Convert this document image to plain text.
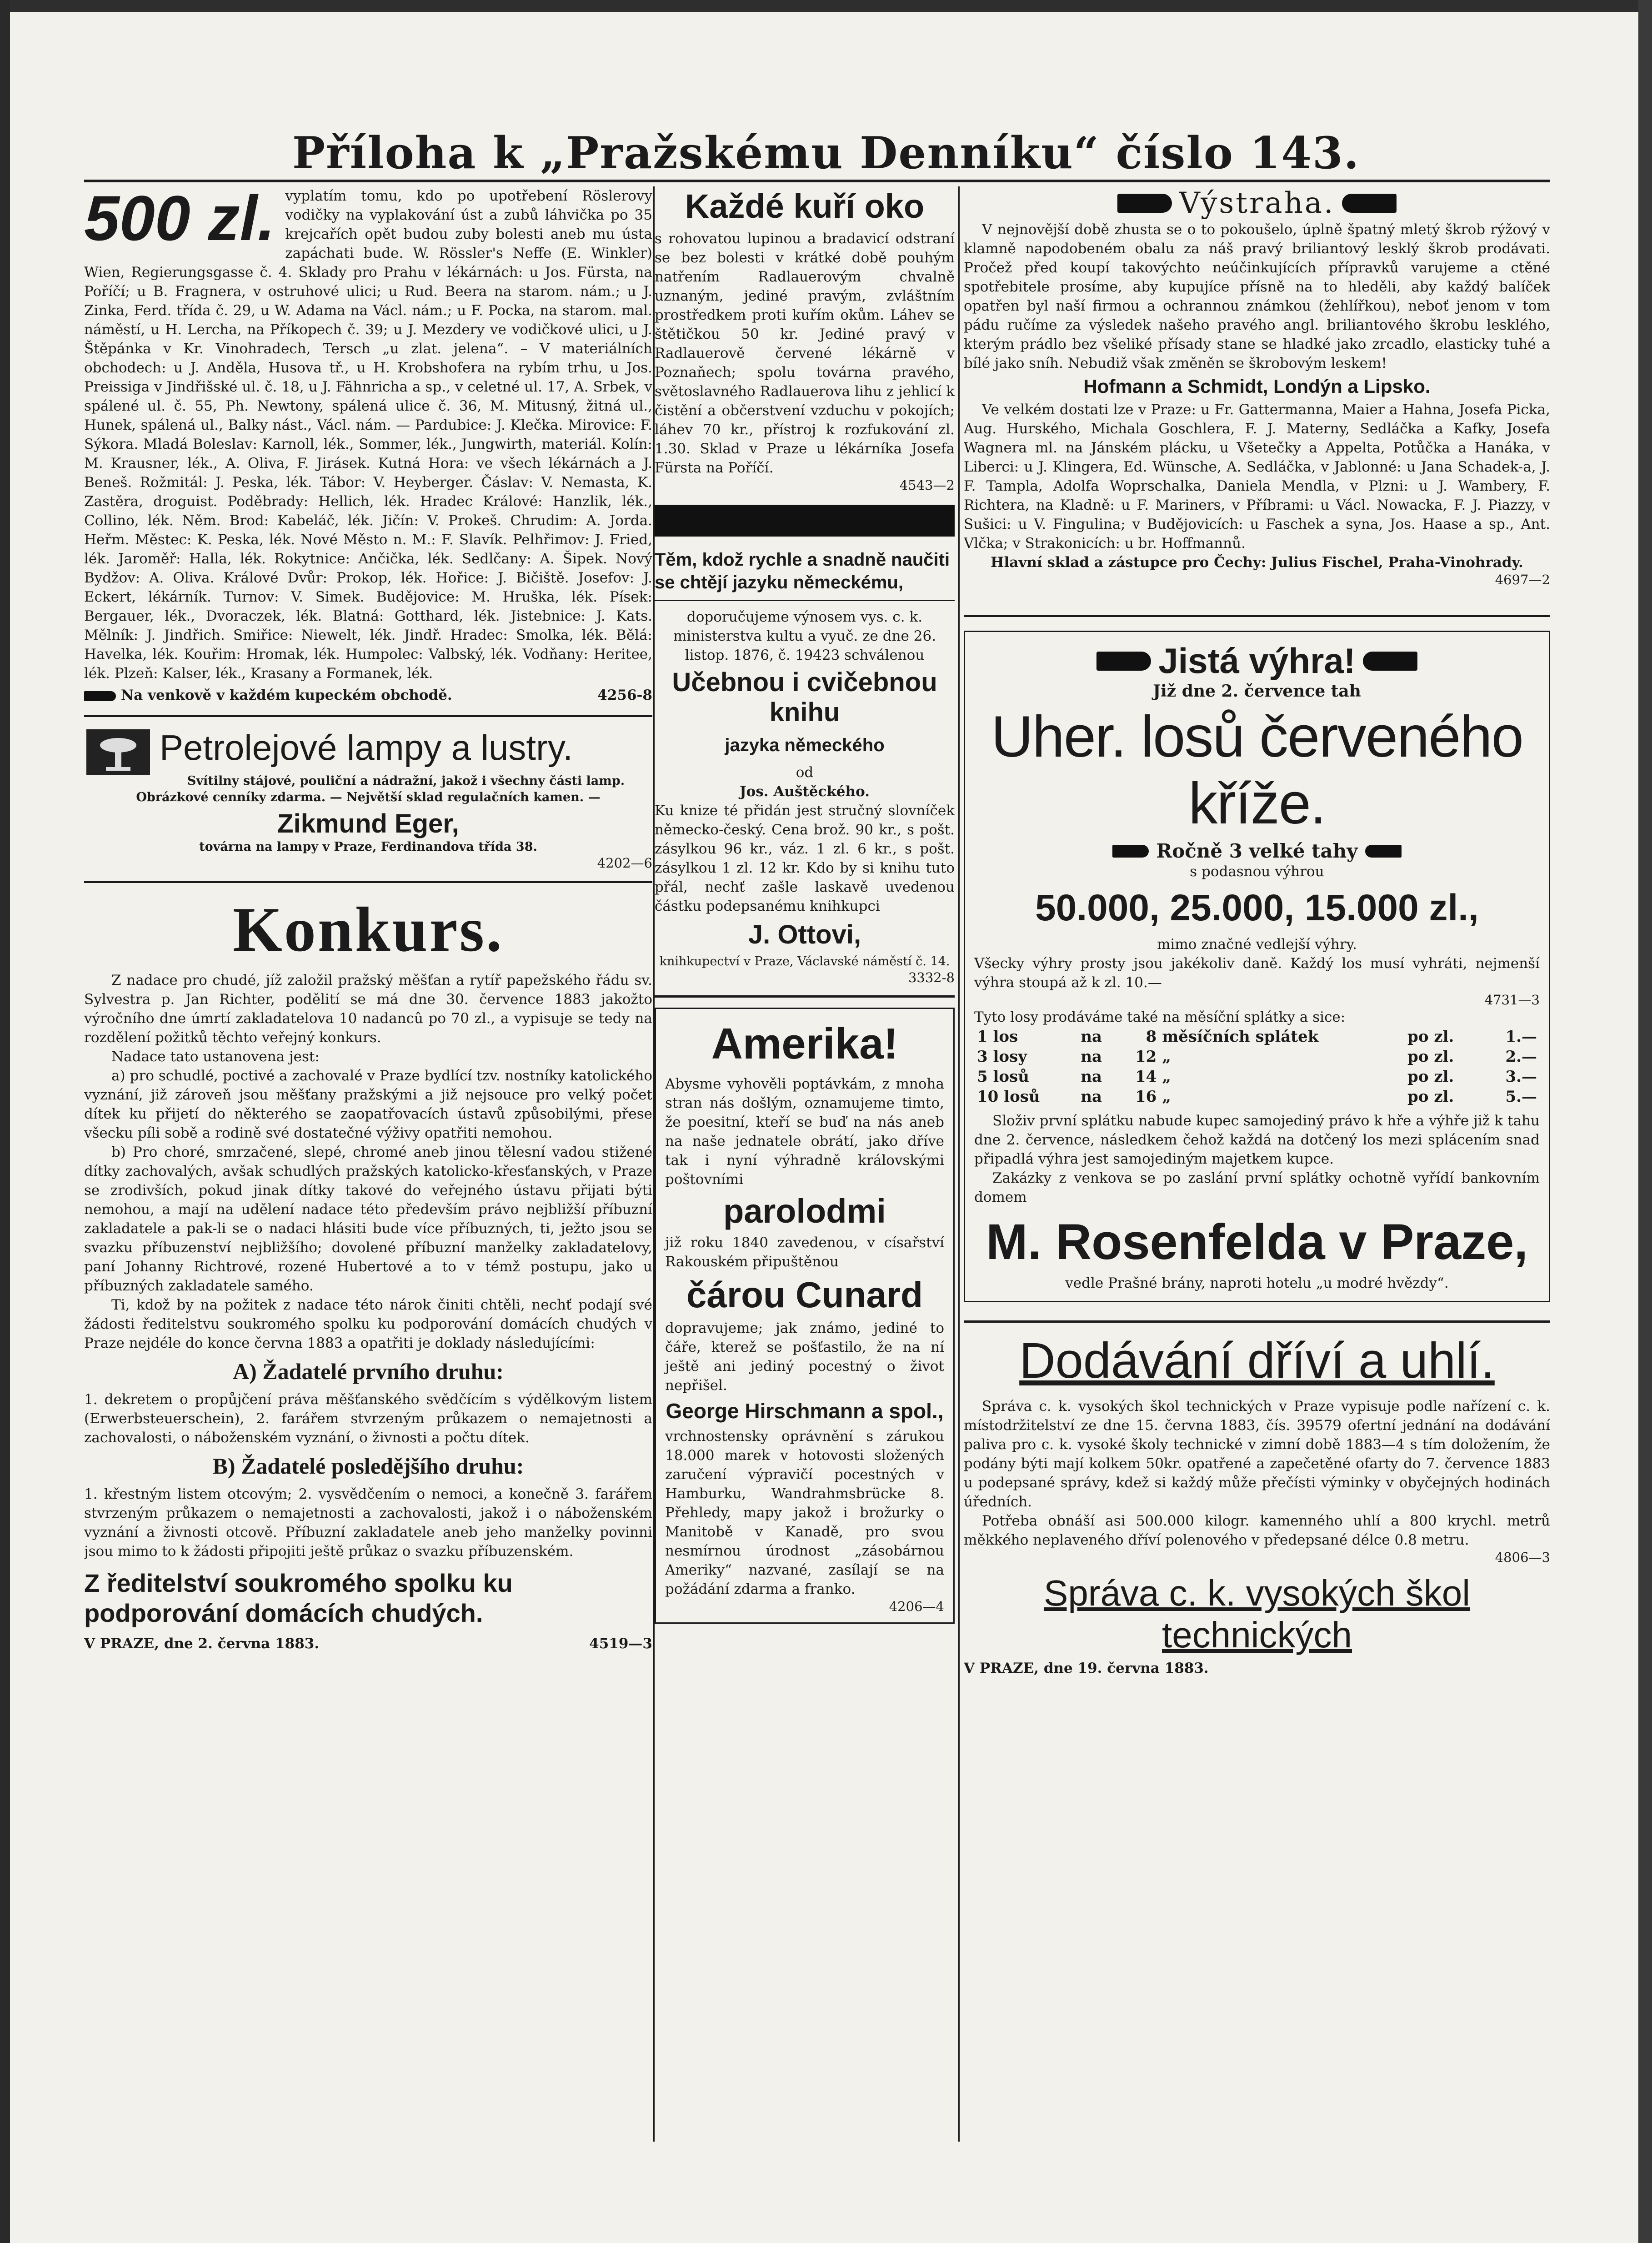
Příloha k „Pražskému Denníku“ číslo 143.
500 zl. vyplatím tomu, kdo po upotřebení Röslerovy vodičky na vyplakování úst a zubů láhvička po 35 krejcařích opět budou zuby bolesti aneb mu ústa zapáchati bude. W. Rössler's Neffe (E. Winkler) Wien, Regierungsgasse č. 4. Sklady pro Prahu v lékárnách: u Jos. Fürsta, na Poříčí; u B. Fragnera, v ostruhové ulici; u Rud. Beera na starom. nám.; u J. Zinka, Ferd. třída č. 29, u W. Adama na Václ. nám.; u F. Pocka, na starom. mal. náměstí, u H. Lercha, na Příkopech č. 39; u J. Mezdery ve vodičkové ulici, u J. Štěpánka v Kr. Vinohradech, Tersch „u zlat. jelena“. – V materiálních obchodech: u J. Anděla, Husova tř., u H. Krobshofera na rybím trhu, u Jos. Preissiga v Jindřišské ul. č. 18, u J. Fähnricha a sp., v celetné ul. 17, A. Srbek, v spálené ul. č. 55, Ph. Newtony, spálená ulice č. 36, M. Mitusný, žitná ul., Hunek, spálená ul., Balky nást., Václ. nám. — Pardubice: J. Klečka. Mirovice: F. Sýkora. Mladá Boleslav: Karnoll, lék., Sommer, lék., Jungwirth, materiál. Kolín: M. Krausner, lék., A. Oliva, F. Jirásek. Kutná Hora: ve všech lékárnách a J. Beneš. Rožmitál: J. Peska, lék. Tábor: V. Heyberger. Čáslav: V. Nemasta, K. Zastěra, droguist. Poděbrady: Hellich, lék. Hradec Králové: Hanzlik, lék., Collino, lék. Něm. Brod: Kabeláč, lék. Jičín: V. Prokeš. Chrudim: A. Jorda. Heřm. Městec: K. Peska, lék. Nové Město n. M.: F. Slavík. Pelhřimov: J. Fried, lék. Jaroměř: Halla, lék. Rokytnice: Ančička, lék. Sedlčany: A. Šipek. Nový Bydžov: A. Oliva. Králové Dvůr: Prokop, lék. Hořice: J. Bičiště. Josefov: J. Eckert, lékárník. Turnov: V. Simek. Budějovice: M. Hruška, lék. Písek: Bergauer, lék., Dvoraczek, lék. Blatná: Gotthard, lék. Jistebnice: J. Kats. Mělník: J. Jindřich. Smiřice: Niewelt, lék. Jindř. Hradec: Smolka, lék. Bělá: Havelka, lék. Kouřim: Hromak, lék. Humpolec: Valbský, lék. Vodňany: Heritee, lék. Plzeň: Kalser, lék., Krasany a Formanek, lék.

Na venkově v každém kupeckém obchodě.	4256-8

Petrolejové lampy a lustry.

Svítilny stájové, pouliční a nádražní, jakož i všechny části lamp. Obrázkové cenníky zdarma. — Největší sklad regulačních kamen. —

Zikmund Eger,

továrna na lampy v Praze, Ferdinandova třída 38.

4202—6

Konkurs.

Z nadace pro chudé, jíž založil pražský měšťan a rytíř papežského řádu sv. Sylvestra p. Jan Richter, podělití se má dne 30. července 1883 jakožto výročního dne úmrtí zakladatelova 10 nadancû po 70 zl., a vypisuje se tedy na rozdělení požitků těchto veřejný konkurs.

Nadace tato ustanovena jest:

a) pro schudlé, poctivé a zachovalé v Praze bydlící tzv. nostníky katolického vyznání, již zároveň jsou měšťany pražskými a již nejsouce pro velký počet dítek ku přijetí do některého se zaopatřovacích ústavů způsobilými, přese všecku píli sobě a rodině své dostatečné výživy opatřiti nemohou.

b) Pro choré, smrzačené, slepé, chromé aneb jinou tělesní vadou stižené dítky zachovalých, avšak schudlých pražských katolicko-křesťanských, v Praze se zrodivších, pokud jinak dítky takové do veřejného ústavu přijati býti nemohou, a mají na udělení nadace této především právo nejbližší příbuzní zakladatele a pak-li se o nadaci hlásiti bude více příbuzných, ti, ježto jsou se svazku příbuzenství nejbližšího; dovolené příbuzní manželky zakladatelovy, paní Johanny Richtrové, rozené Hubertové a to v témž postupu, jako u příbuzných zakladatele samého.

Ti, kdož by na požitek z nadace této nárok činiti chtěli, nechť podají své žádosti ředitelstvu soukromého spolku ku podporování domácích chudých v Praze nejdéle do konce června 1883 a opatřiti je doklady následujícími:

A) Žadatelé prvního druhu:

1. dekretem o propůjčení práva měšťanského svědčícím s výdělkovým listem (Erwerbsteuerschein), 2. farářem stvrzeným průkazem o nemajetnosti a zachovalosti, o náboženském vyznání, o živnosti a počtu dítek.

B) Žadatelé posledějšího druhu:

1. křestným listem otcovým; 2. vysvědčením o nemoci, a konečně 3. farářem stvrzeným průkazem o nemajetnosti a zachovalosti, jakož i o náboženském vyznání a živnosti otcově. Příbuzní zakladatele aneb jeho manželky povinni jsou mimo to k žádosti připojiti ještě průkaz o svazku příbuzenském.

Z ředitelství soukromého spolku ku podporování domácích chudých.
V PRAZE, dne 2. června 1883.	4519—3
Každé kuří oko

s rohovatou lupinou a bradavicí odstraní se bez bolesti v krátké době pouhým natřením Radlauerovým chvalně uznaným, jediné pravým, zvláštním prostředkem proti kuřím okům. Láhev se štětičkou 50 kr. Jediné pravý v Radlauerově červené lékárně v Poznaňech; spolu továrna pravého, světoslavného Radlauerova lihu z jehlicí k čistění a občerstvení vzduchu v pokojích; láhev 70 kr., přístroj k rozfukování zl. 1.30. Sklad v Praze u lékárníka Josefa Fürsta na Poříčí.

4543—2

Těm, kdož rychle a snadně naučiti se chtějí jazyku německému,

doporučujeme výnosem vys. c. k. ministerstva kultu a vyuč. ze dne 26. listop. 1876, č. 19423 schválenou

Učebnou i cvičebnou knihu
jazyka německého

od

Jos. Auštěckého.

Ku knize té přidán jest stručný slovníček německo-český. Cena brož. 90 kr., s pošt. zásylkou 96 kr., váz. 1 zl. 6 kr., s pošt. zásylkou 1 zl. 12 kr. Kdo by si knihu tuto přál, nechť zašle laskavě uvedenou částku podepsanému knihkupci

J. Ottovi,

knihkupectví v Praze, Václavské náměstí č. 14.

3332-8

Amerika!

Abysme vyhověli poptávkám, z mnoha stran nás došlým, oznamujeme timto, že poesitní, kteří se buď na nás aneb na naše jednatele obrátí, jako dříve tak i nyní výhradně královskými poštovními

parolodmi

již roku 1840 zavedenou, v císařství Rakouském připuštěnou

čárou Cunard

dopravujeme; jak známo, jediné to čáře, kterež se pošťastilo, že na ní ještě ani jediný pocestný o život nepřišel.

George Hirschmann a spol.,

vrchnostensky oprávnění s zárukou 18.000 marek v hotovosti složených zaručení výpravičí pocestných v Hamburku, Wandrahmsbrücke 8. Přehledy, mapy jakož i brožurky o Manitobě v Kanadě, pro svou nesmírnou úrodnost „zásobárnou Ameriky“ nazvané, zasílají se na požádání zdarma a franko.

4206—4

Výstraha.

V nejnovější době zhusta se o to pokoušelo, úplně špatný mletý škrob rýžový v klamně napodobeném obalu za náš pravý briliantový lesklý škrob prodávati. Pročež před koupí takovýchto neúčinkujících přípravků varujeme a ctěné spotřebitele prosíme, aby kupujíce přísně na to hleděli, aby každý balíček opatřen byl naší firmou a ochrannou známkou (žehlířkou), neboť jenom v tom pádu ručíme za výsledek našeho pravého angl. briliantového škrobu lesklého, kterým prádlo bez všeliké přísady stane se hladké jako zrcadlo, elasticky tuhé a bílé jako sníh. Nebudiž však změněn se škrobovým leskem!

Hofmann a Schmidt, Londýn a Lipsko.

Ve velkém dostati lze v Praze: u Fr. Gattermanna, Maier a Hahna, Josefa Picka, Aug. Hurského, Michala Goschlera, F. J. Materny, Sedláčka a Kafky, Josefa Wagnera ml. na Jánském plácku, u Všetečky a Appelta, Potůčka a Hanáka, v Liberci: u J. Klingera, Ed. Wünsche, A. Sedláčka, v Jablonné: u Jana Schadek-a, J. F. Tampla, Adolfa Woprschalka, Daniela Mendla, v Plzni: u J. Wambery, F. Richtera, na Kladně: u F. Mariners, v Příbrami: u Václ. Nowacka, F. J. Piazzy, v Sušici: u V. Fingulina; v Budějovicích: u Faschek a syna, Jos. Haase a sp., Ant. Vlčka; v Strakonicích: u br. Hoffmannů.

Hlavní sklad a zástupce pro Čechy: Julius Fischel, Praha-Vinohrady.

4697—2

Jistá výhra!

Již dne 2. července tah

Uher. losů červeného kříže.
Ročně 3 velké tahy

s podasnou výhrou

50.000, 25.000, 15.000 zl.,

mimo značné vedlejší výhry.

Všecky výhry prosty jsou jakékoliv daně. Každý los musí vyhráti, nejmenší výhra stoupá až k zl. 10.—

4731—3

Tyto losy prodáváme také na měsíční splátky a sice:

1 los	na	8	měsíčních splátek	po zl.	1.—
3 losy	na	12	„	po zl.	2.—
5 losů	na	14	„	po zl.	3.—
10 losů	na	16	„	po zl.	5.—

Složiv první splátku nabude kupec samojediný právo k hře a výhře již k tahu dne 2. července, následkem čehož každá na dotčený los mezi splácením snad připadlá výhra jest samojediným majetkem kupce.

Zakázky z venkova se po zaslání první splátky ochotně vyřídí bankovním domem

M. Rosenfelda v Praze,

vedle Prašné brány, naproti hotelu „u modré hvězdy“.

Dodávání dříví a uhlí.

Správa c. k. vysokých škol technických v Praze vypisuje podle nařízení c. k. místodržitelství ze dne 15. června 1883, čís. 39579 ofertní jednání na dodávání paliva pro c. k. vysoké školy technické v zimní době 1883—4 s tím doložením, že podány býti mají kolkem 50kr. opatřené a zapečetěné ofarty do 7. července 1883 u podepsané správy, kdež si každý může přečísti výminky v obyčejných hodinách úředních.

Potřeba obnáší asi 500.000 kilogr. kamenného uhlí a 800 krychl. metrů měkkého neplaveného dříví polenového v předepsané délce 0.8 metru.

4806—3

Správa c. k. vysokých škol technických

V PRAZE, dne 19. června 1883.
